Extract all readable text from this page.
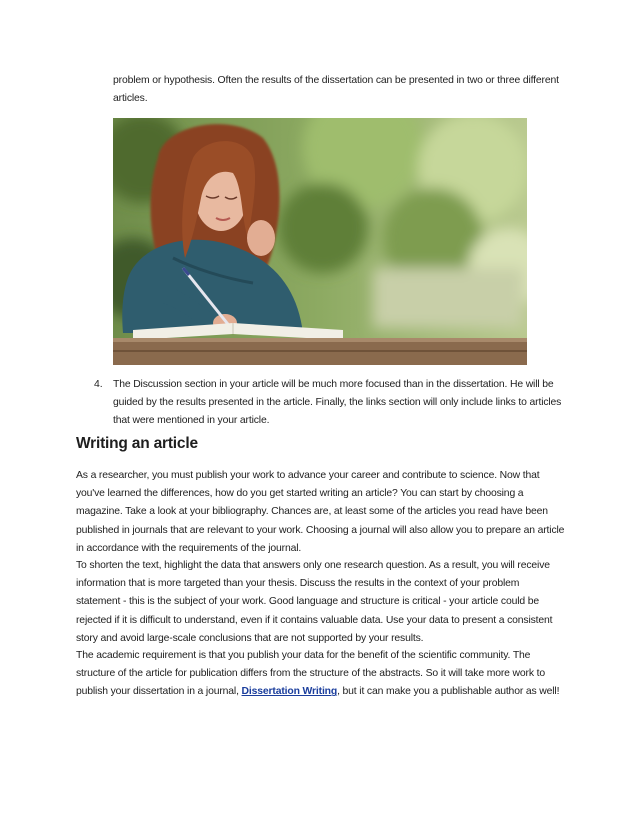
problem or hypothesis. Often the results of the dissertation can be presented in two or three different articles.

4. The Discussion section in your article will be much more focused than in the dissertation. He will be guided by the results presented in the article. Finally, the links section will only include links to articles that were mentioned in your article.

Writing an article

As a researcher, you must publish your work to advance your career and contribute to science. Now that you've learned the differences, how do you get started writing an article? You can start by choosing a magazine. Take a look at your bibliography. Chances are, at least some of the articles you read have been published in journals that are relevant to your work. Choosing a journal will also allow you to prepare an article in accordance with the requirements of the journal.

To shorten the text, highlight the data that answers only one research question. As a result, you will receive information that is more targeted than your thesis. Discuss the results in the context of your problem statement - this is the subject of your work. Good language and structure is critical - your article could be rejected if it is difficult to understand, even if it contains valuable data. Use your data to present a consistent story and avoid large-scale conclusions that are not supported by your results.

The academic requirement is that you publish your data for the benefit of the scientific community. The structure of the article for publication differs from the structure of the abstracts. So it will take more work to publish your dissertation in a journal, Dissertation Writing, but it can make you a publishable author as well!
